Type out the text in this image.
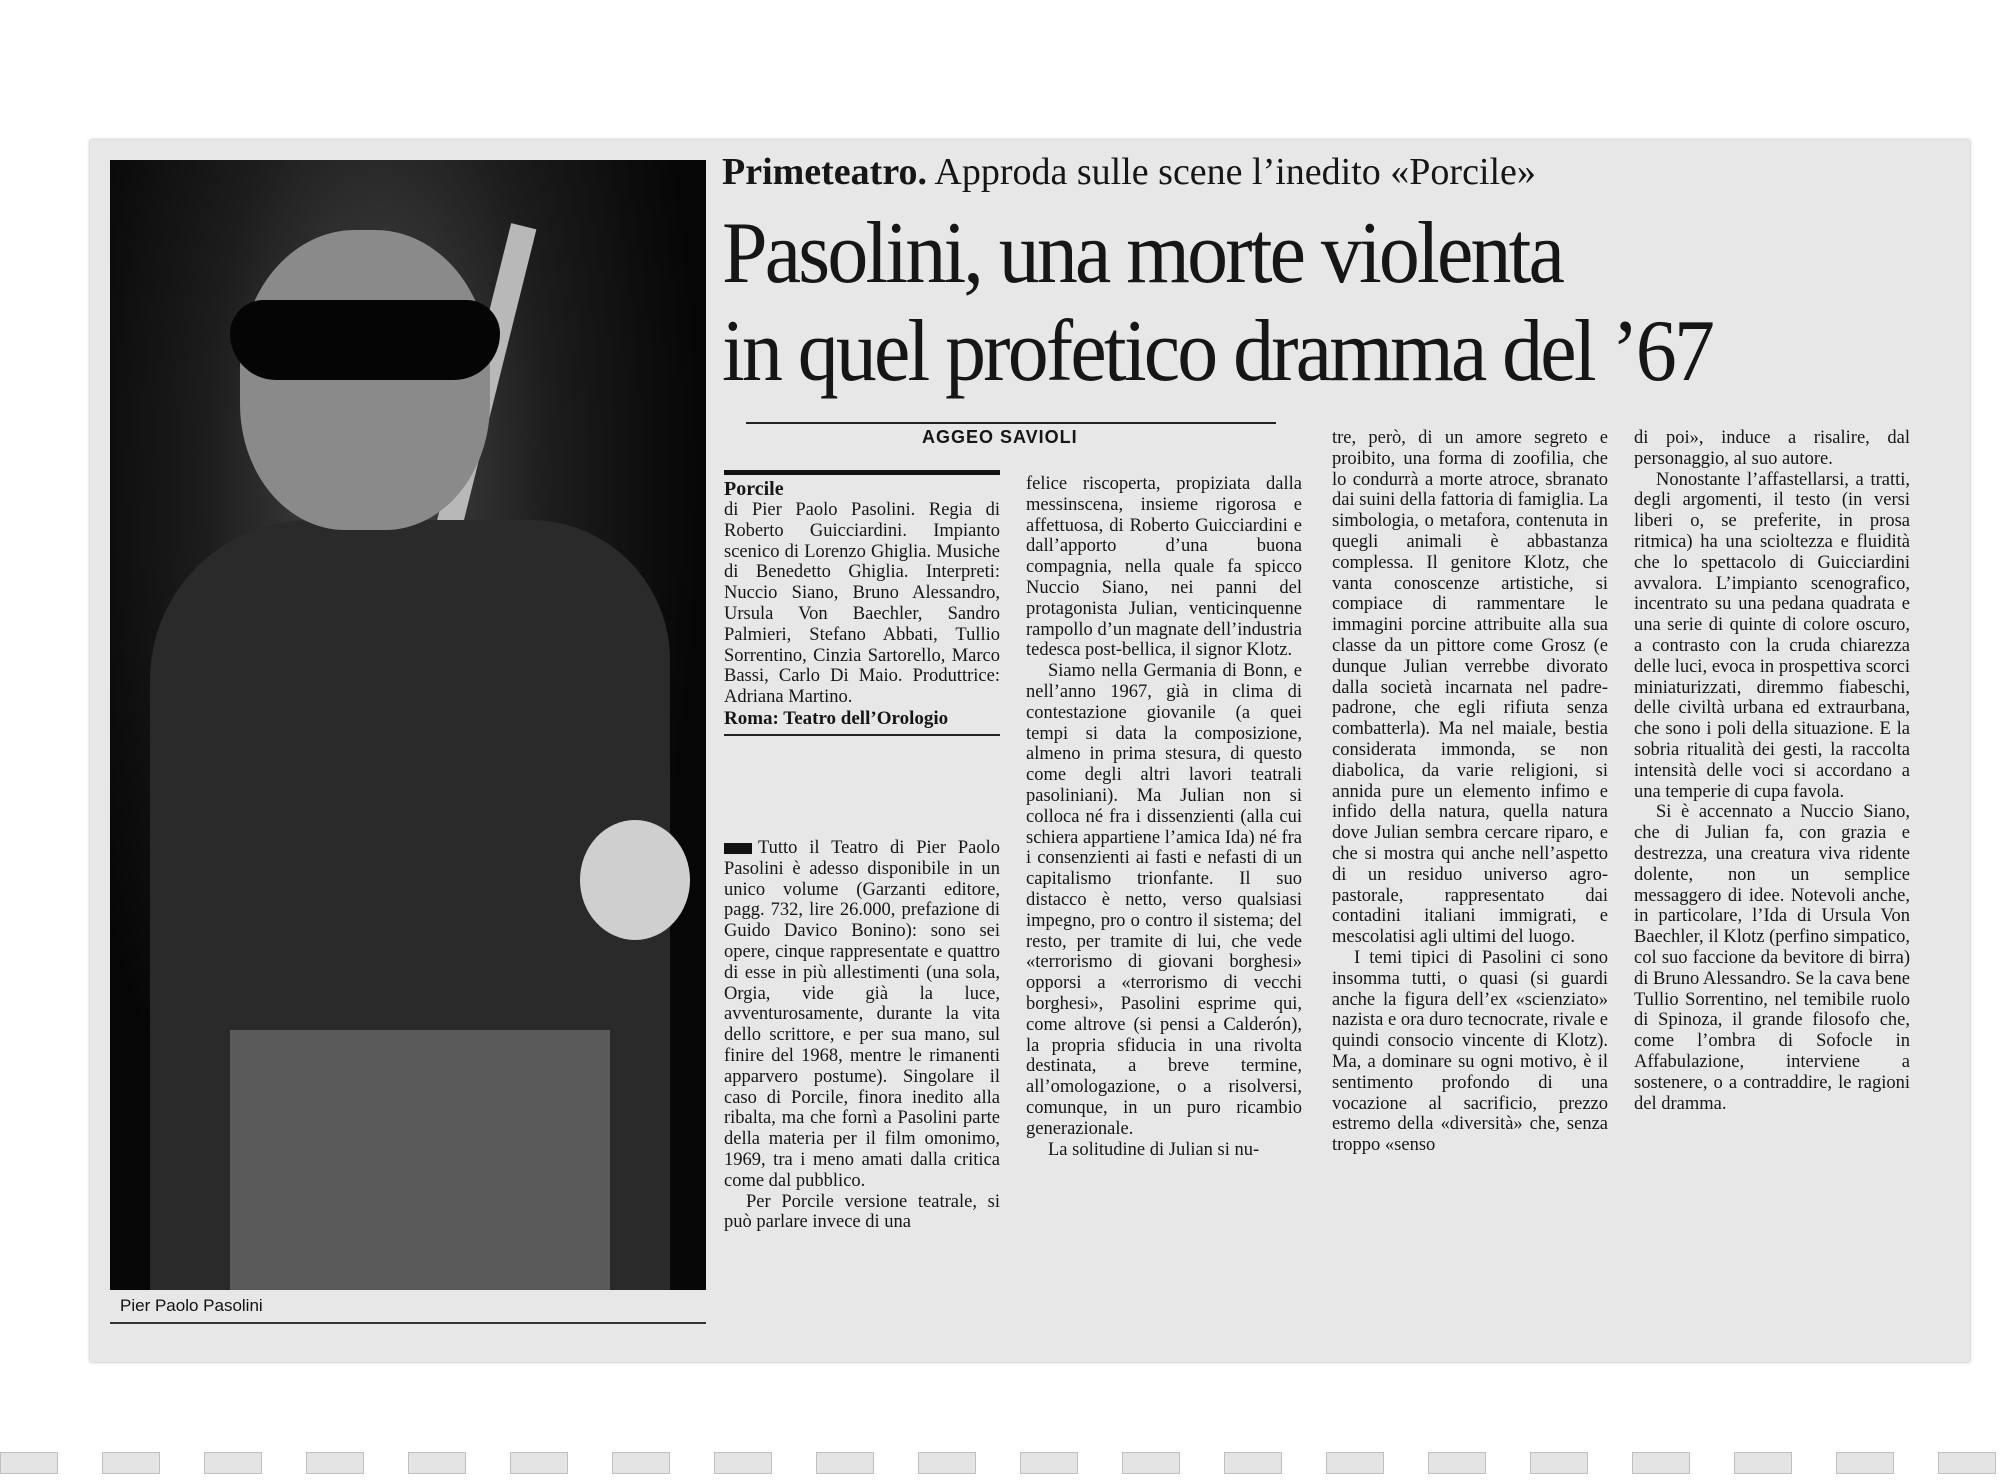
Pier Paolo Pasolini
Primeteatro. Approda sulle scene l’inedito «Porcile»
Pasolini, una morte violenta
in quel profetico dramma del ’67
AGGEO SAVIOLI
Porcile
di Pier Paolo Pasolini. Regia di Roberto Guicciardini. Impianto scenico di Lorenzo Ghiglia. Musiche di Benedetto Ghiglia. Interpreti: Nuccio Siano, Bruno Alessandro, Ursula Von Baechler, Sandro Palmieri, Stefano Abbati, Tullio Sorrentino, Cinzia Sartorello, Marco Bassi, Carlo Di Maio. Produttrice: Adriana Martino.
Roma: Teatro dell’Orologio

Tutto il Teatro di Pier Paolo Pasolini è adesso disponibile in un unico volume (Garzanti editore, pagg. 732, lire 26.000, prefazione di Guido Davico Bonino): sono sei opere, cinque rappresentate e quattro di esse in più allestimenti (una sola, Orgia, vide già la luce, avventurosamente, durante la vita dello scrittore, e per sua mano, sul finire del 1968, mentre le rimanenti apparvero postume). Singolare il caso di Porcile, finora inedito alla ribalta, ma che fornì a Pasolini parte della materia per il film omonimo, 1969, tra i meno amati dalla critica come dal pubblico.

Per Porcile versione teatrale, si può parlare invece di una

felice riscoperta, propiziata dalla messinscena, insieme rigorosa e affettuosa, di Roberto Guicciardini e dall’apporto d’una buona compagnia, nella quale fa spicco Nuccio Siano, nei panni del protagonista Julian, venticinquenne rampollo d’un magnate dell’industria tedesca post-bellica, il signor Klotz.

Siamo nella Germania di Bonn, e nell’anno 1967, già in clima di contestazione giovanile (a quei tempi si data la composizione, almeno in prima stesura, di questo come degli altri lavori teatrali pasoliniani). Ma Julian non si colloca né fra i dissenzienti (alla cui schiera appartiene l’amica Ida) né fra i consenzienti ai fasti e nefasti di un capitalismo trionfante. Il suo distacco è netto, verso qualsiasi impegno, pro o contro il sistema; del resto, per tramite di lui, che vede «terrorismo di giovani borghesi» opporsi a «terrorismo di vecchi borghesi», Pasolini esprime qui, come altrove (si pensi a Calderón), la propria sfiducia in una rivolta destinata, a breve termine, all’omologazione, o a risolversi, comunque, in un puro ricambio generazionale.

La solitudine di Julian si nu-

tre, però, di un amore segreto e proibito, una forma di zoofilia, che lo condurrà a morte atroce, sbranato dai suini della fattoria di famiglia. La simbologia, o metafora, contenuta in quegli animali è abbastanza complessa. Il genitore Klotz, che vanta conoscenze artistiche, si compiace di rammentare le immagini porcine attribuite alla sua classe da un pittore come Grosz (e dunque Julian verrebbe divorato dalla società incarnata nel padre-padrone, che egli rifiuta senza combatterla). Ma nel maiale, bestia considerata immonda, se non diabolica, da varie religioni, si annida pure un elemento infimo e infido della natura, quella natura dove Julian sembra cercare riparo, e che si mostra qui anche nell’aspetto di un residuo universo agro-pastorale, rappresentato dai contadini italiani immigrati, e mescolatisi agli ultimi del luogo.

I temi tipici di Pasolini ci sono insomma tutti, o quasi (si guardi anche la figura dell’ex «scienziato» nazista e ora duro tecnocrate, rivale e quindi consocio vincente di Klotz). Ma, a dominare su ogni motivo, è il sentimento profondo di una vocazione al sacrificio, prezzo estremo della «diversità» che, senza troppo «senso

di poi», induce a risalire, dal personaggio, al suo autore.

Nonostante l’affastellarsi, a tratti, degli argomenti, il testo (in versi liberi o, se preferite, in prosa ritmica) ha una scioltezza e fluidità che lo spettacolo di Guicciardini avvalora. L’impianto scenografico, incentrato su una pedana quadrata e una serie di quinte di colore oscuro, a contrasto con la cruda chiarezza delle luci, evoca in prospettiva scorci miniaturizzati, diremmo fiabeschi, delle civiltà urbana ed extraurbana, che sono i poli della situazione. E la sobria ritualità dei gesti, la raccolta intensità delle voci si accordano a una temperie di cupa favola.

Si è accennato a Nuccio Siano, che di Julian fa, con grazia e destrezza, una creatura viva ridente dolente, non un semplice messaggero di idee. Notevoli anche, in particolare, l’Ida di Ursula Von Baechler, il Klotz (perfino simpatico, col suo faccione da bevitore di birra) di Bruno Alessandro. Se la cava bene Tullio Sorrentino, nel temibile ruolo di Spinoza, il grande filosofo che, come l’ombra di Sofocle in Affabulazione, interviene a sostenere, o a contraddire, le ragioni del dramma.
